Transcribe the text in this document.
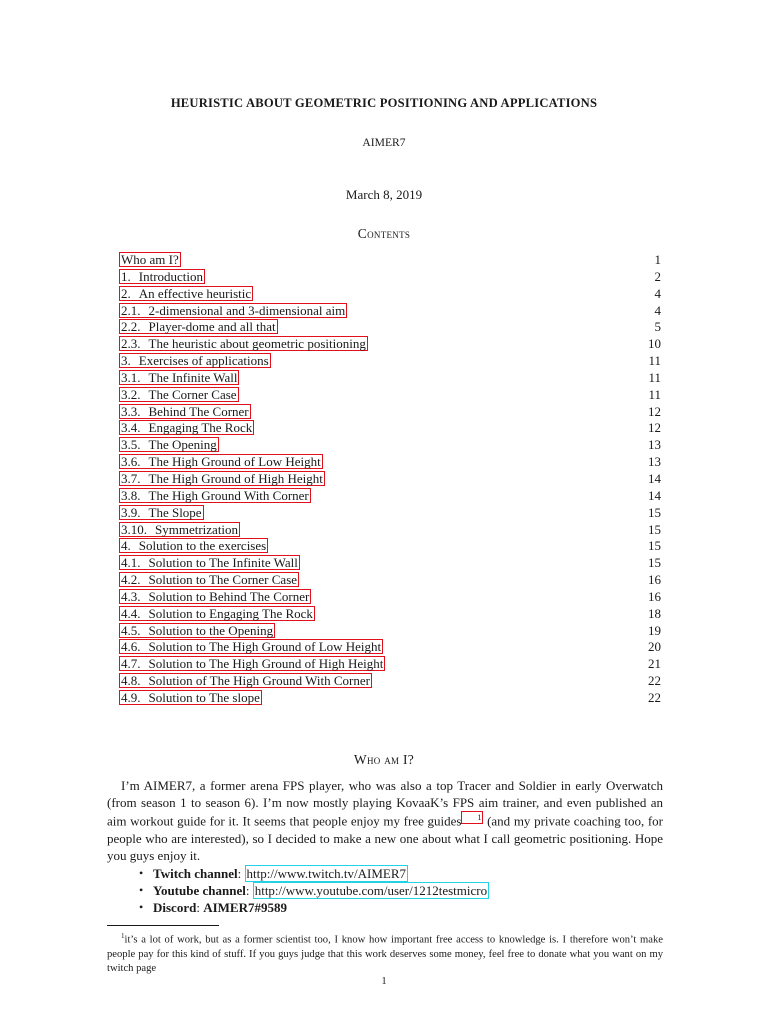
HEURISTIC ABOUT GEOMETRIC POSITIONING AND APPLICATIONS
AIMER7
March 8, 2019
Contents
Who am I?	1
1. Introduction	2
2. An effective heuristic	4
2.1. 2-dimensional and 3-dimensional aim	4
2.2. Player-dome and all that	5
2.3. The heuristic about geometric positioning	10
3. Exercises of applications	11
3.1. The Infinite Wall	11
3.2. The Corner Case	11
3.3. Behind The Corner	12
3.4. Engaging The Rock	12
3.5. The Opening	13
3.6. The High Ground of Low Height	13
3.7. The High Ground of High Height	14
3.8. The High Ground With Corner	14
3.9. The Slope	15
3.10. Symmetrization	15
4. Solution to the exercises	15
4.1. Solution to The Infinite Wall	15
4.2. Solution to The Corner Case	16
4.3. Solution to Behind The Corner	16
4.4. Solution to Engaging The Rock	18
4.5. Solution to the Opening	19
4.6. Solution to The High Ground of Low Height	20
4.7. Solution to The High Ground of High Height	21
4.8. Solution of The High Ground With Corner	22
4.9. Solution to The slope	22
Who am I?

I’m AIMER7, a former arena FPS player, who was also a top Tracer and Soldier in early Overwatch (from season 1 to season 6). I’m now mostly playing KovaaK’s FPS aim trainer, and even published an aim workout guide for it. It seems that people enjoy my free guides 1 (and my private coaching too, for people who are interested), so I decided to make a new one about what I call geometric positioning. Hope you guys enjoy it.

• Twitch channel: http://www.twitch.tv/AIMER7
• Youtube channel: http://www.youtube.com/user/1212testmicro
• Discord: AIMER7#9589

$^1$it’s a lot of work, but as a former scientist too, I know how important free access to knowledge is. I therefore won’t make people pay for this kind of stuff. If you guys judge that this work deserves some money, feel free to donate what you want on my twitch page

1
